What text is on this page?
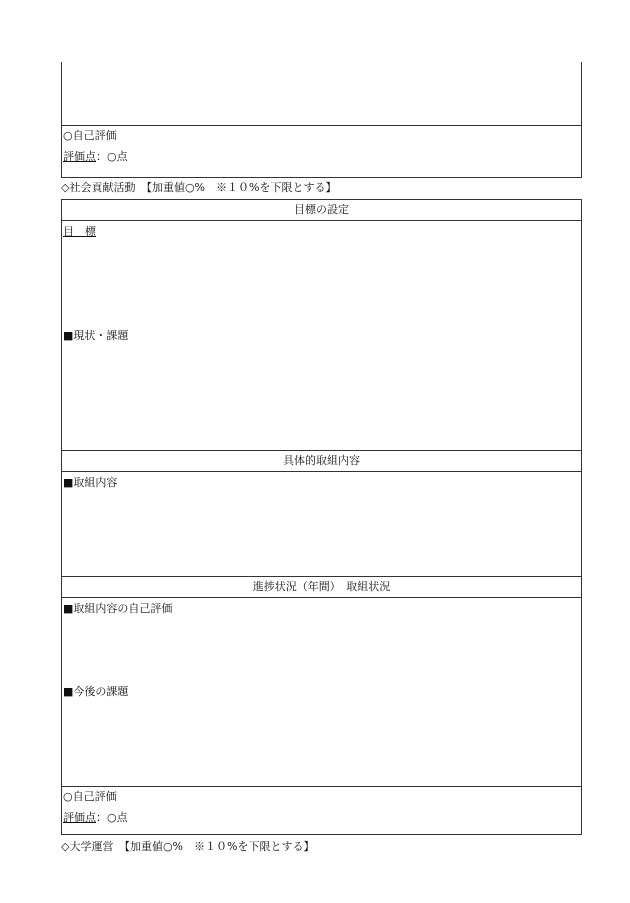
○自己評価
評価点：○点
◇社会貢献活動　【加重値○%　※１０%を下限とする】
目標の設定
目　標
■現状・課題
具体的取組内容
■取組内容
進捗状況（年間）　取組状況
■取組内容の自己評価
■今後の課題
○自己評価
評価点：○点
◇大学運営　【加重値○%　※１０%を下限とする】
